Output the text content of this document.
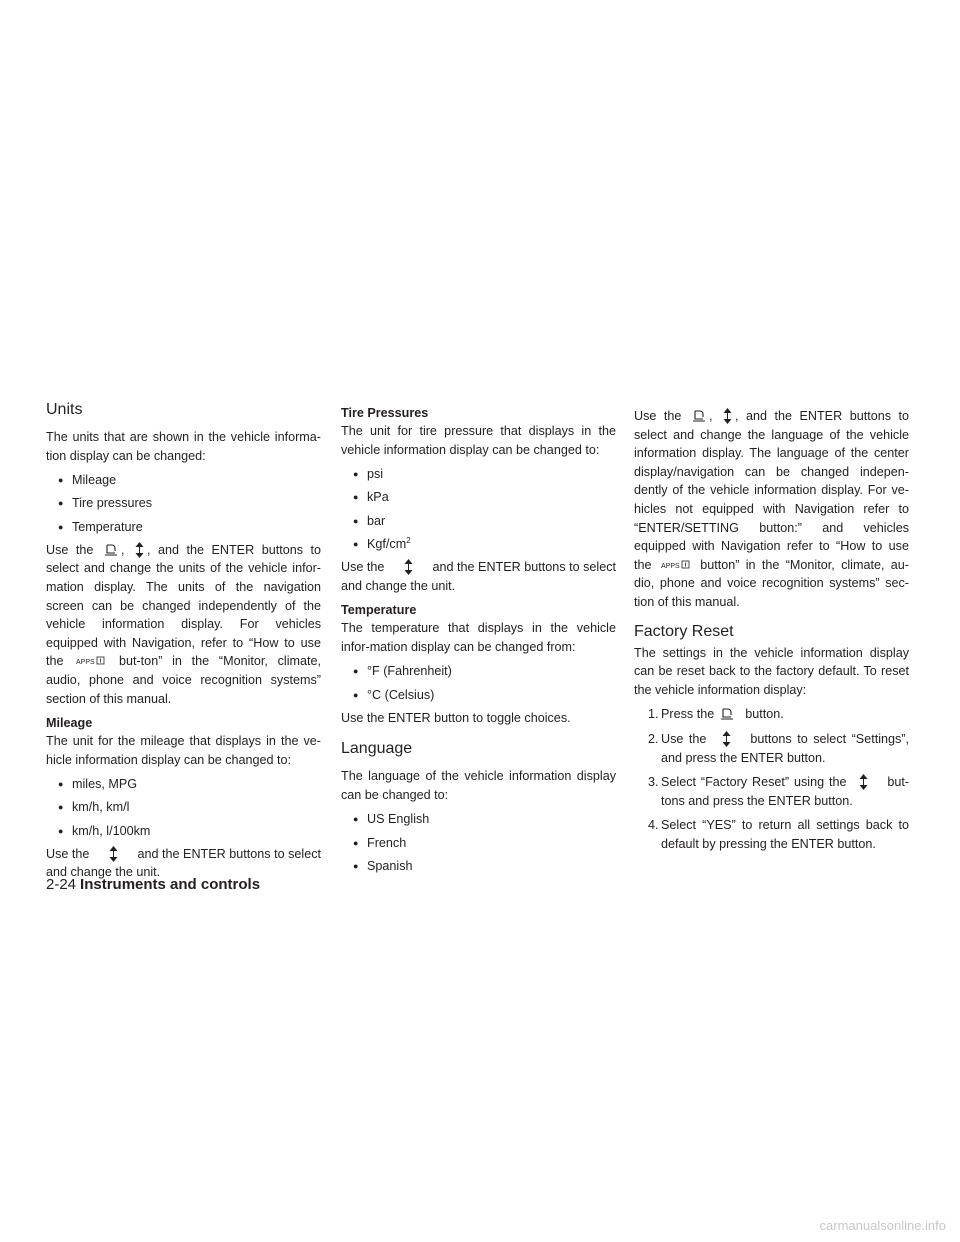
Units

The units that are shown in the vehicle informa-tion display can be changed:

● Mileage
● Tire pressures
● Temperature

Use the , , and the ENTER buttons to select and change the units of the vehicle infor-mation display. The units of the navigation screen can be changed independently of the vehicle information display. For vehicles equipped with Navigation, refer to “How to use the APPS but-ton” in the “Monitor, climate, audio, phone and voice recognition systems” section of this manual.

Mileage

The unit for the mileage that displays in the ve-hicle information display can be changed to:

● miles, MPG
● km/h, km/l
● km/h, l/100km

Use the	and the ENTER buttons to select and change the unit.

Tire Pressures

The unit for tire pressure that displays in the vehicle information display can be changed to:

● psi
● kPa
● bar
● Kgf/$cm^2$

Use the	and the ENTER buttons to select and change the unit.

Temperature

The temperature that displays in the vehicle infor-mation display can be changed from:

● °F (Fahrenheit)
● °C (Celsius)

Use the ENTER button to toggle choices.

Language

The language of the vehicle information display can be changed to:

● US English
● French
● Spanish

Use the , , and the ENTER buttons to select and change the language of the vehicle information display. The language of the center display/navigation can be changed indepen-dently of the vehicle information display. For ve-hicles not equipped with Navigation refer to “ENTER/SETTING button:” and vehicles equipped with Navigation refer to “How to use the APPS button” in the “Monitor, climate, au-dio, phone and voice recognition systems” sec-tion of this manual.

Factory Reset

The settings in the vehicle information display can be reset back to the factory default. To reset the vehicle information display:

1. Press the button.
2. Use the	buttons to select “Settings”, and press the ENTER button.
3. Select “Factory Reset” using the	but-tons and press the ENTER button.
4. Select “YES” to return all settings back to default by pressing the ENTER button.
2-24 Instruments and controls
carmanualsonline.info
